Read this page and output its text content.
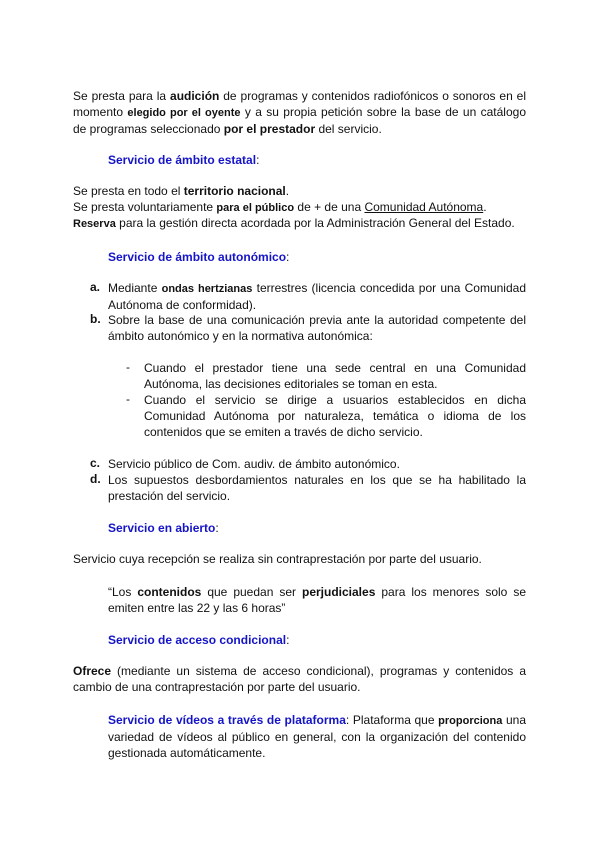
Se presta para la audición de programas y contenidos radiofónicos o sonoros en el momento elegido por el oyente y a su propia petición sobre la base de un catálogo de programas seleccionado por el prestador del servicio.

Servicio de ámbito estatal:

Se presta en todo el territorio nacional.

Se presta voluntariamente para el público de + de una Comunidad Autónoma.

Reserva para la gestión directa acordada por la Administración General del Estado.

Servicio de ámbito autonómico:

a. Mediante ondas hertzianas terrestres (licencia concedida por una Comunidad Autónoma de conformidad).

b. Sobre la base de una comunicación previa ante la autoridad competente del ámbito autonómico y en la normativa autonómica:

- Cuando el prestador tiene una sede central en una Comunidad Autónoma, las decisiones editoriales se toman en esta.

- Cuando el servicio se dirige a usuarios establecidos en dicha Comunidad Autónoma por naturaleza, temática o idioma de los contenidos que se emiten a través de dicho servicio.

c. Servicio público de Com. audiv. de ámbito autonómico.

d. Los supuestos desbordamientos naturales en los que se ha habilitado la prestación del servicio.

Servicio en abierto:

Servicio cuya recepción se realiza sin contraprestación por parte del usuario.

“Los contenidos que puedan ser perjudiciales para los menores solo se emiten entre las 22 y las 6 horas”

Servicio de acceso condicional:

Ofrece (mediante un sistema de acceso condicional), programas y contenidos a cambio de una contraprestación por parte del usuario.

Servicio de vídeos a través de plataforma: Plataforma que proporciona una variedad de vídeos al público en general, con la organización del contenido gestionada automáticamente.
